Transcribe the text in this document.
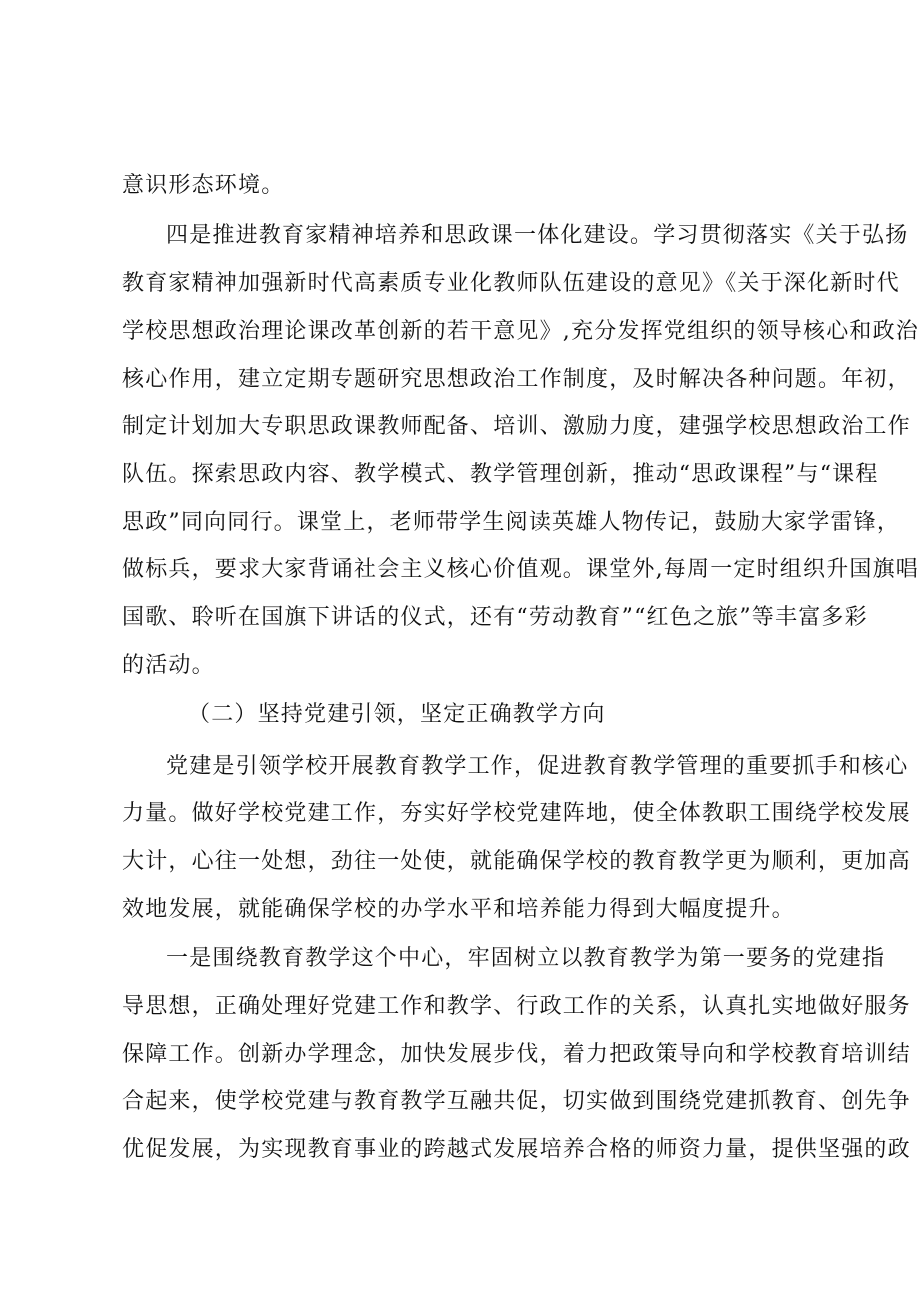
意识形态环境。
四是推进教育家精神培养和思政课一体化建设。学习贯彻落实《关于弘扬
教育家精神加强新时代高素质专业化教师队伍建设的意见》《关于深化新时代
学校思想政治理论课改革创新的若干意见》,充分发挥党组织的领导核心和政治
核心作用，建立定期专题研究思想政治工作制度，及时解决各种问题。年初，
制定计划加大专职思政课教师配备、培训、激励力度，建强学校思想政治工作
队伍。探索思政内容、教学模式、教学管理创新，推动“思政课程”与“课程
思政”同向同行。课堂上，老师带学生阅读英雄人物传记，鼓励大家学雷锋，
做标兵，要求大家背诵社会主义核心价值观。课堂外,每周一定时组织升国旗唱
国歌、聆听在国旗下讲话的仪式，还有“劳动教育”“红色之旅”等丰富多彩
的活动。
（二）坚持党建引领，坚定正确教学方向
党建是引领学校开展教育教学工作，促进教育教学管理的重要抓手和核心
力量。做好学校党建工作，夯实好学校党建阵地，使全体教职工围绕学校发展
大计，心往一处想，劲往一处使，就能确保学校的教育教学更为顺利，更加高
效地发展，就能确保学校的办学水平和培养能力得到大幅度提升。
一是围绕教育教学这个中心，牢固树立以教育教学为第一要务的党建指
导思想，正确处理好党建工作和教学、行政工作的关系，认真扎实地做好服务
保障工作。创新办学理念，加快发展步伐，着力把政策导向和学校教育培训结
合起来，使学校党建与教育教学互融共促，切实做到围绕党建抓教育、创先争
优促发展，为实现教育事业的跨越式发展培养合格的师资力量，提供坚强的政
